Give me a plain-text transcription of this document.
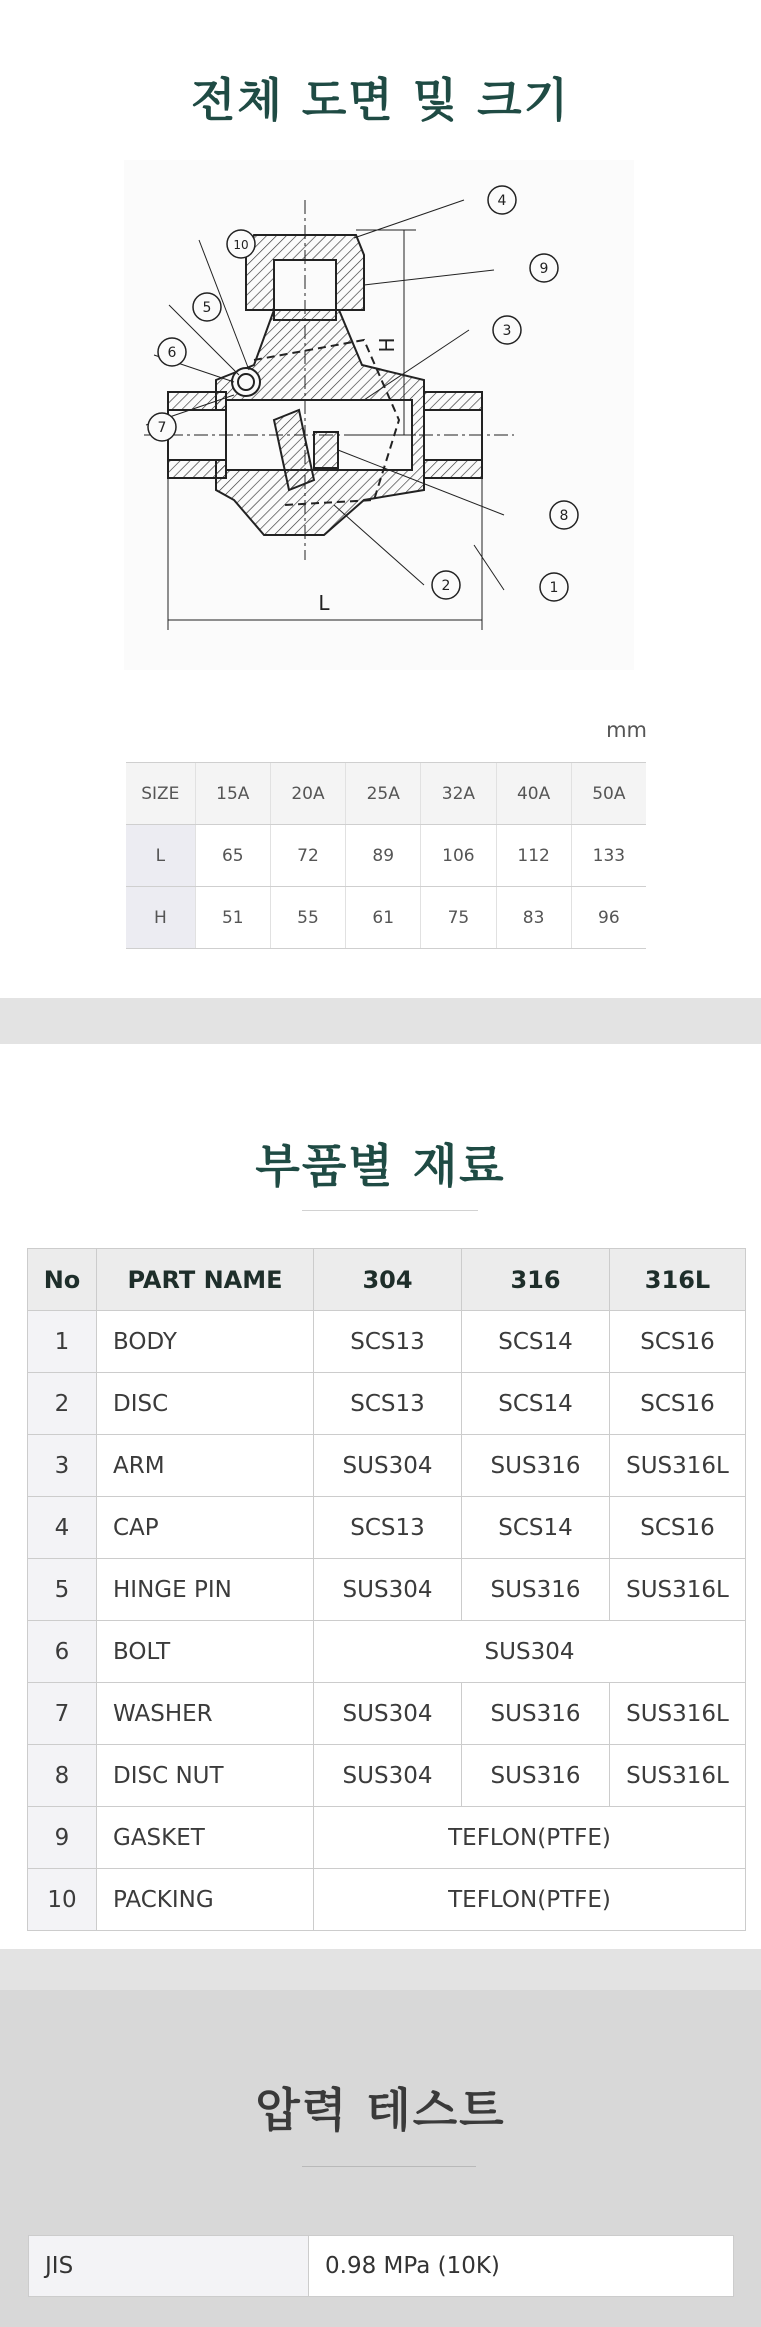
전체 도면 및 크기
1
2
3
4
5
6
7
8
9
10
L
H
mm
SIZE	15A	20A	25A	32A	40A	50A
L	65	72	89	106	112	133
H	51	55	61	75	83	96
부품별 재료
No	PART NAME	304	316	316L
1	BODY	SCS13	SCS14	SCS16
2	DISC	SCS13	SCS14	SCS16
3	ARM	SUS304	SUS316	SUS316L
4	CAP	SCS13	SCS14	SCS16
5	HINGE PIN	SUS304	SUS316	SUS316L
6	BOLT	SUS304		
7	WASHER	SUS304	SUS316	SUS316L
8	DISC NUT	SUS304	SUS316	SUS316L
9	GASKET	TEFLON(PTFE)		
10	PACKING	TEFLON(PTFE)		
압력 테스트
JIS	0.98 MPa (10K)
